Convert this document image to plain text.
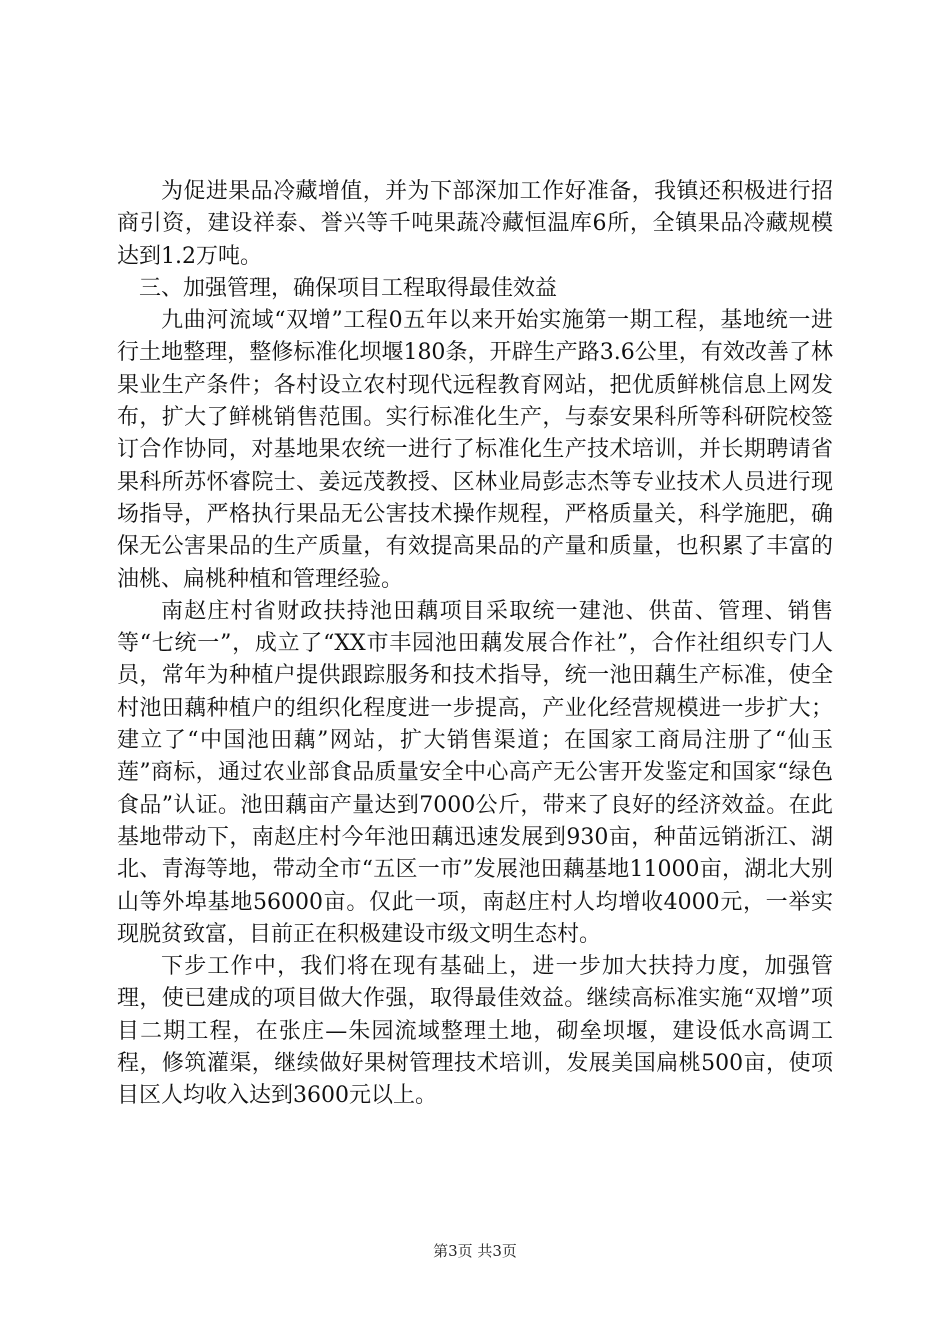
为促进果品冷藏增值，并为下部深加工作好准备，我镇还积极进行招商引资，建设祥泰、誉兴等千吨果蔬冷藏恒温库6所，全镇果品冷藏规模达到1.2万吨。

三、加强管理，确保项目工程取得最佳效益

九曲河流域“双增”工程0五年以来开始实施第一期工程，基地统一进行土地整理，整修标准化坝堰180条，开辟生产路3.6公里，有效改善了林果业生产条件；各村设立农村现代远程教育网站，把优质鲜桃信息上网发布，扩大了鲜桃销售范围。实行标准化生产，与泰安果科所等科研院校签订合作协同，对基地果农统一进行了标准化生产技术培训，并长期聘请省果科所苏怀睿院士、姜远茂教授、区林业局彭志杰等专业技术人员进行现场指导，严格执行果品无公害技术操作规程，严格质量关，科学施肥，确保无公害果品的生产质量，有效提高果品的产量和质量，也积累了丰富的油桃、扁桃种植和管理经验。

南赵庄村省财政扶持池田藕项目采取统一建池、供苗、管理、销售等“七统一”，成立了“XX市丰园池田藕发展合作社”，合作社组织专门人员，常年为种植户提供跟踪服务和技术指导，统一池田藕生产标准，使全村池田藕种植户的组织化程度进一步提高，产业化经营规模进一步扩大；建立了“中国池田藕”网站，扩大销售渠道；在国家工商局注册了“仙玉莲”商标，通过农业部食品质量安全中心高产无公害开发鉴定和国家“绿色食品”认证。池田藕亩产量达到7000公斤，带来了良好的经济效益。在此基地带动下，南赵庄村今年池田藕迅速发展到930亩，种苗远销浙江、湖北、青海等地，带动全市“五区一市”发展池田藕基地11000亩，湖北大别山等外埠基地56000亩。仅此一项，南赵庄村人均增收4000元，一举实现脱贫致富，目前正在积极建设市级文明生态村。

下步工作中，我们将在现有基础上，进一步加大扶持力度，加强管理，使已建成的项目做大作强，取得最佳效益。继续高标准实施“双增”项目二期工程，在张庄—朱园流域整理土地，砌垒坝堰，建设低水高调工程，修筑灌渠，继续做好果树管理技术培训，发展美国扁桃500亩，使项目区人均收入达到3600元以上。

第3页 共3页
